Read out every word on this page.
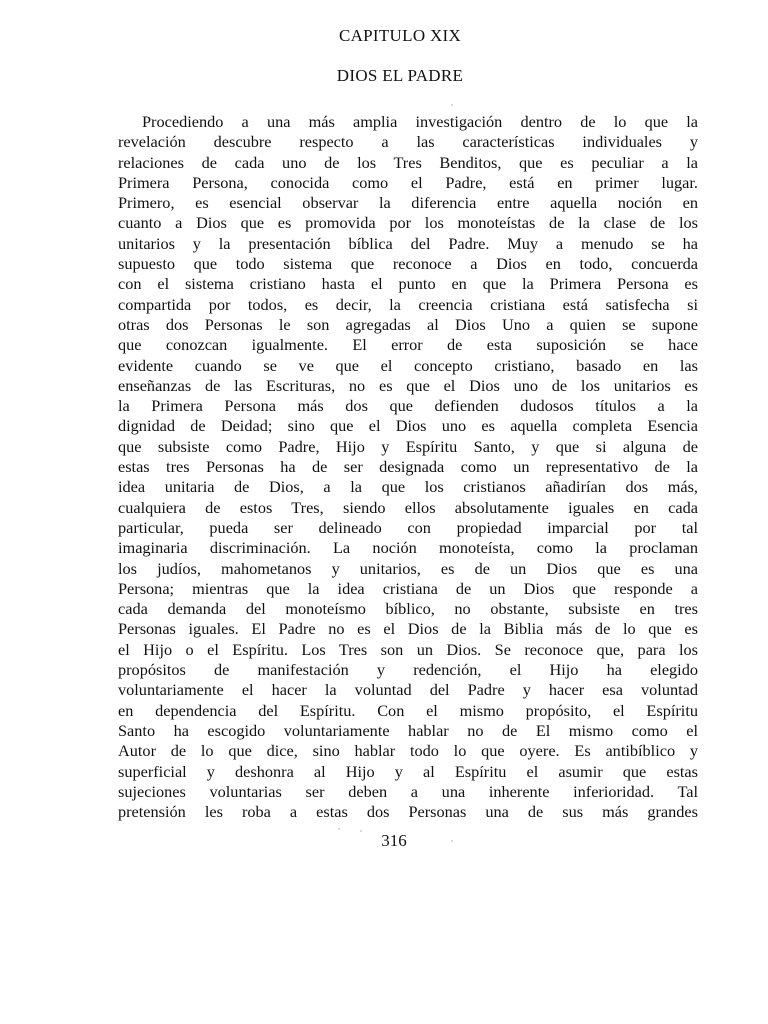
CAPITULO XIX
DIOS EL PADRE
Procediendo a una más amplia investigación dentro de lo que la
revelación descubre respecto a las características individuales y
relaciones de cada uno de los Tres Benditos, que es peculiar a la
Primera Persona, conocida como el Padre, está en primer lugar.
Primero, es esencial observar la diferencia entre aquella noción en
cuanto a Dios que es promovida por los monoteístas de la clase de los
unitarios y la presentación bíblica del Padre. Muy a menudo se ha
supuesto que todo sistema que reconoce a Dios en todo, concuerda
con el sistema cristiano hasta el punto en que la Primera Persona es
compartida por todos, es decir, la creencia cristiana está satisfecha si
otras dos Personas le son agregadas al Dios Uno a quien se supone
que conozcan igualmente. El error de esta suposición se hace
evidente cuando se ve que el concepto cristiano, basado en las
enseñanzas de las Escrituras, no es que el Dios uno de los unitarios es
la Primera Persona más dos que defienden dudosos títulos a la
dignidad de Deidad; sino que el Dios uno es aquella completa Esencia
que subsiste como Padre, Hijo y Espíritu Santo, y que si alguna de
estas tres Personas ha de ser designada como un representativo de la
idea unitaria de Dios, a la que los cristianos añadirían dos más,
cualquiera de estos Tres, siendo ellos absolutamente iguales en cada
particular, pueda ser delineado con propiedad imparcial por tal
imaginaria discriminación. La noción monoteísta, como la proclaman
los judíos, mahometanos y unitarios, es de un Dios que es una
Persona; mientras que la idea cristiana de un Dios que responde a
cada demanda del monoteísmo bíblico, no obstante, subsiste en tres
Personas iguales. El Padre no es el Dios de la Biblia más de lo que es
el Hijo o el Espíritu. Los Tres son un Dios. Se reconoce que, para los
propósitos de manifestación y redención, el Hijo ha elegido
voluntariamente el hacer la voluntad del Padre y hacer esa voluntad
en dependencia del Espíritu. Con el mismo propósito, el Espíritu
Santo ha escogido voluntariamente hablar no de El mismo como el
Autor de lo que dice, sino hablar todo lo que oyere. Es antibíblico y
superficial y deshonra al Hijo y al Espíritu el asumir que estas
sujeciones voluntarias ser deben a una inherente inferioridad. Tal
pretensión les roba a estas dos Personas una de sus más grandes
316
